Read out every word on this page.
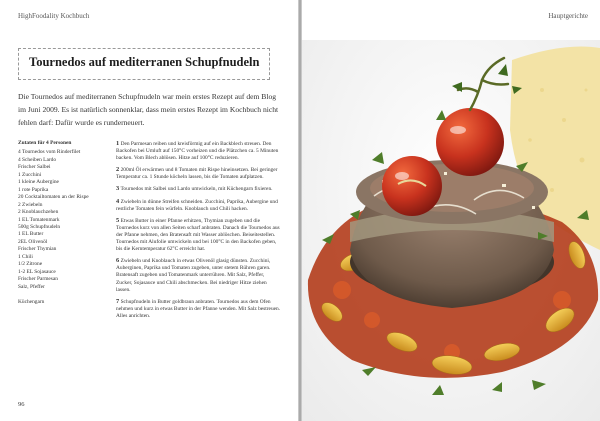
HighFoodality Kochbuch
Tournedos auf mediterranen Schupfnudeln
Die Tournedos auf mediterranen Schupfnudeln war mein erstes Rezept auf dem Blog im Juni 2009. Es ist natürlich sonnenklar, dass mein erstes Rezept im Kochbuch nicht fehlen darf: Dafür wurde es runderneuert.
Zutaten für 4 Personen
4 Tournedos vom Rinderfilet
4 Scheiben Lardo
Frischer Salbei
1 Zucchini
1 kleine Aubergine
1 rote Paprika
20 Cocktailtomaten an der Rispe
2 Zwiebeln
2 Knoblauchzehen
1 EL Tomatenmark
500g Schupfnudeln
1 EL Butter
2EL Olivenöl
Frischer Thymian
1 Chili
1/2 Zitrone
1-2 EL Sojasauce
Frischer Parmesan
Salz, Pfeffer
Küchengarn
1 Den Parmesan reiben und kreisförmig auf ein Backblech streuen. Den Backofen bei Umluft auf 150°C vorheizen und die Plätzchen ca. 5 Minuten backen. Vom Blech ablösen. Hitze auf 100°C reduzieren.
2 200ml Öl erwärmen und 8 Tomaten mit Rispe hineinsetzen. Bei geringer Temperatur ca. 1 Stunde köcheln lassen, bis die Tomaten aufplatzen.
3 Tournedos mit Salbei und Lardo umwickeln, mit Küchengarn fixieren.
4 Zwiebeln in dünne Streifen schneiden. Zucchini, Paprika, Aubergine und restliche Tomaten fein würfeln. Knoblauch und Chili hacken.
5 Etwas Butter in einer Pfanne erhitzen, Thymian zugeben und die Tournedos kurz von allen Seiten scharf anbraten. Danach die Tournedos aus der Pfanne nehmen, den Bratensaft mit Wasser ablöschen. Beiseitestellen. Tournedos mit Alufolie umwickeln und bei 100°C in den Backofen geben, bis die Kerntemperatur 62°C erreicht hat.
6 Zwiebeln und Knoblauch in etwas Olivenöl glasig dünsten. Zucchini, Auberginen, Paprika und Tomaten zugeben, unter stetem Rühren garen. Bratensaft zugeben und Tomatenmark unterrühren. Mit Salz, Pfeffer, Zucker, Sojasauce und Chili abschmecken. Bei niedriger Hitze ziehen lassen.
7 Schupfnudeln in Butter goldbraun anbraten. Tournedos aus dem Ofen nehmen und kurz in etwas Butter in der Pfanne wenden. Mit Salz bestreuen. Alles anrichten.
96
Hauptgerichte
